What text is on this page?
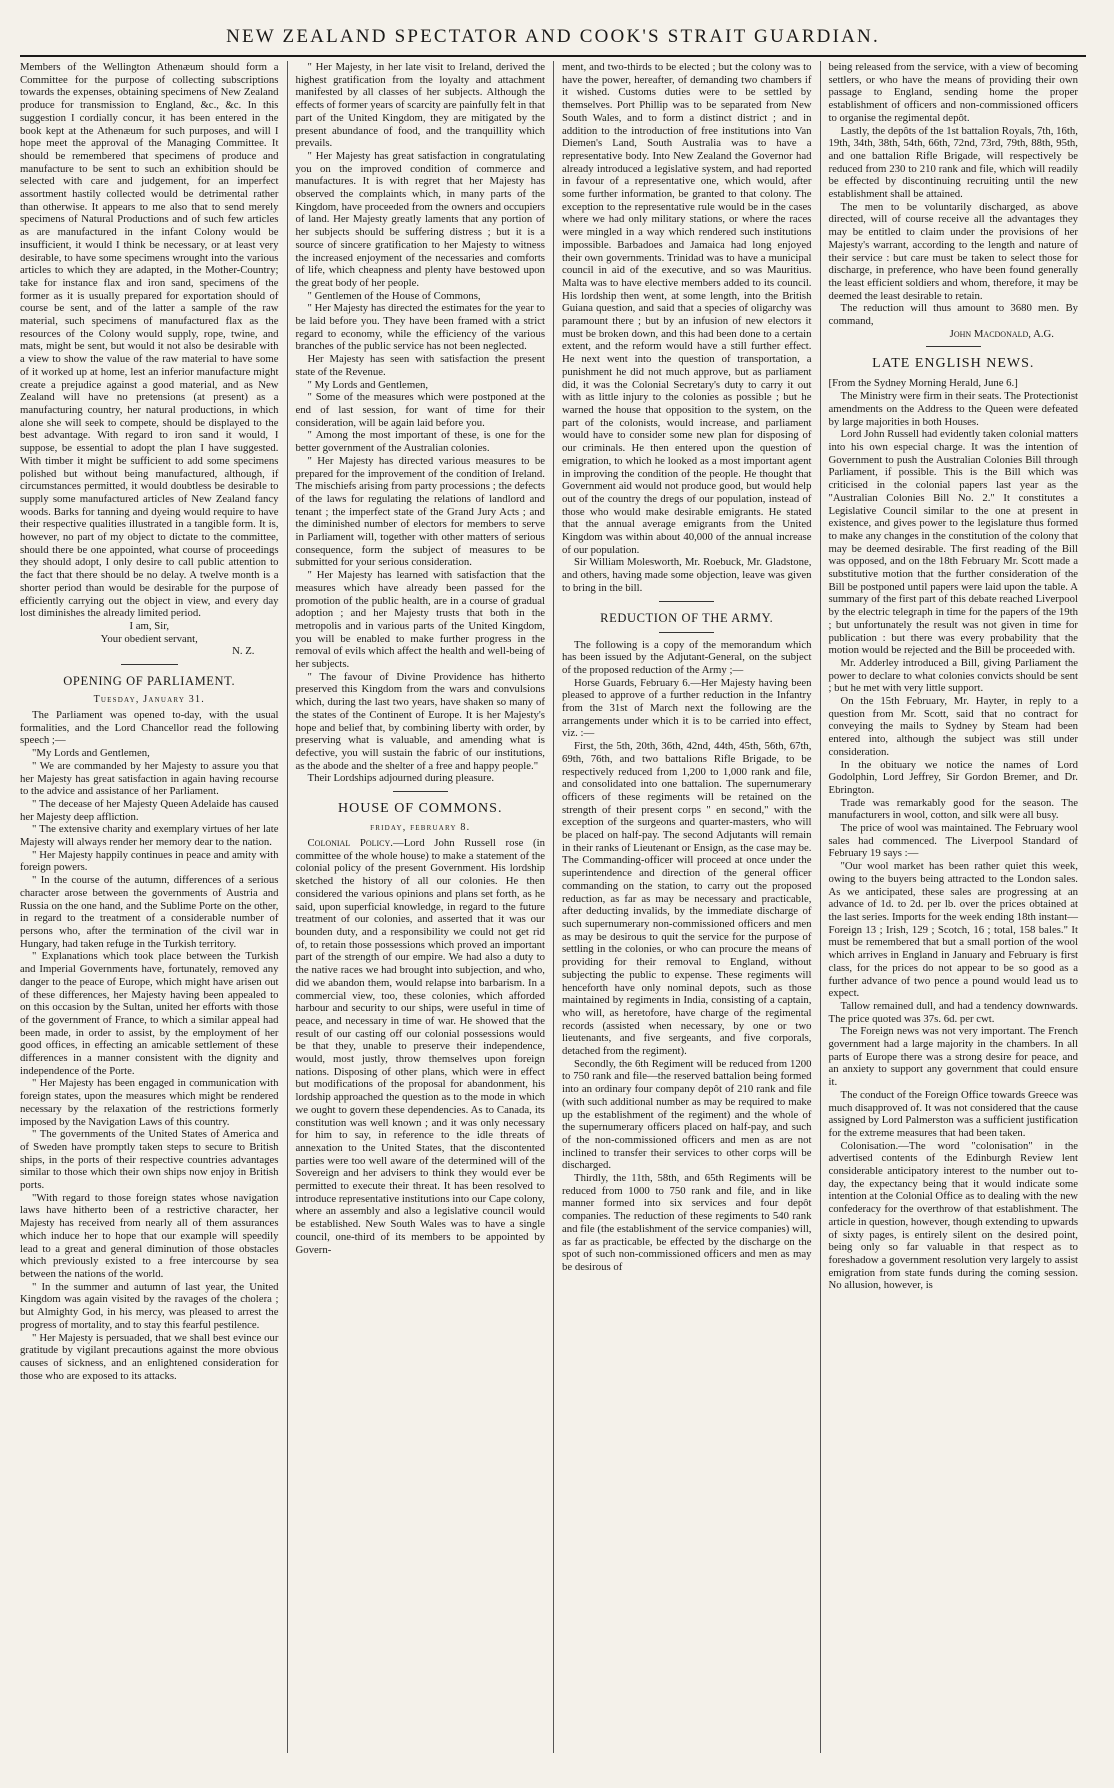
NEW ZEALAND SPECTATOR AND COOK'S STRAIT GUARDIAN.

Members of the Wellington Athenæum should form a Committee for the purpose of collecting subscriptions towards the expenses, obtaining specimens of New Zealand produce for transmission to England, &c., &c. In this suggestion I cordially concur, it has been entered in the book kept at the Athenæum for such purposes, and will I hope meet the approval of the Managing Committee. It should be remembered that specimens of produce and manufacture to be sent to such an exhibition should be selected with care and judgement, for an imperfect assortment hastily collected would be detrimental rather than otherwise. It appears to me also that to send merely specimens of Natural Productions and of such few articles as are manufactured in the infant Colony would be insufficient, it would I think be necessary, or at least very desirable, to have some specimens wrought into the various articles to which they are adapted, in the Mother-Country; take for instance flax and iron sand, specimens of the former as it is usually prepared for exportation should of course be sent, and of the latter a sample of the raw material, such specimens of manufactured flax as the resources of the Colony would supply, rope, twine, and mats, might be sent, but would it not also be desirable with a view to show the value of the raw material to have some of it worked up at home, lest an inferior manufacture might create a prejudice against a good material, and as New Zealand will have no pretensions (at present) as a manufacturing country, her natural productions, in which alone she will seek to compete, should be displayed to the best advantage. With regard to iron sand it would, I suppose, be essential to adopt the plan I have suggested. With timber it might be sufficient to add some specimens polished but without being manufactured, although, if circumstances permitted, it would doubtless be desirable to supply some manufactured articles of New Zealand fancy woods. Barks for tanning and dyeing would require to have their respective qualities illustrated in a tangible form. It is, however, no part of my object to dictate to the committee, should there be one appointed, what course of proceedings they should adopt, I only desire to call public attention to the fact that there should be no delay. A twelve month is a shorter period than would be desirable for the purpose of efficiently carrying out the object in view, and every day lost diminishes the already limited period.

I am, Sir,

Your obedient servant,

N. Z.

OPENING OF PARLIAMENT.
Tuesday, January 31.

The Parliament was opened to-day, with the usual formalities, and the Lord Chancellor read the following speech ;—

"My Lords and Gentlemen,

" We are commanded by her Majesty to assure you that her Majesty has great satisfaction in again having recourse to the advice and assistance of her Parliament.

" The decease of her Majesty Queen Adelaide has caused her Majesty deep affliction.

" The extensive charity and exemplary virtues of her late Majesty will always render her memory dear to the nation.

" Her Majesty happily continues in peace and amity with foreign powers.

" In the course of the autumn, differences of a serious character arose between the governments of Austria and Russia on the one hand, and the Sublime Porte on the other, in regard to the treatment of a considerable number of persons who, after the termination of the civil war in Hungary, had taken refuge in the Turkish territory.

" Explanations which took place between the Turkish and Imperial Governments have, fortunately, removed any danger to the peace of Europe, which might have arisen out of these differences, her Majesty having been appealed to on this occasion by the Sultan, united her efforts with those of the government of France, to which a similar appeal had been made, in order to assist, by the employment of her good offices, in effecting an amicable settlement of these differences in a manner consistent with the dignity and independence of the Porte.

" Her Majesty has been engaged in communication with foreign states, upon the measures which might be rendered necessary by the relaxation of the restrictions formerly imposed by the Navigation Laws of this country.

" The governments of the United States of America and of Sweden have promptly taken steps to secure to British ships, in the ports of their respective countries advantages similar to those which their own ships now enjoy in British ports.

"With regard to those foreign states whose navigation laws have hitherto been of a restrictive character, her Majesty has received from nearly all of them assurances which induce her to hope that our example will speedily lead to a great and general diminution of those obstacles which previously existed to a free intercourse by sea between the nations of the world.

" In the summer and autumn of last year, the United Kingdom was again visited by the ravages of the cholera ; but Almighty God, in his mercy, was pleased to arrest the progress of mortality, and to stay this fearful pestilence.

" Her Majesty is persuaded, that we shall best evince our gratitude by vigilant precautions against the more obvious causes of sickness, and an enlightened consideration for those who are exposed to its attacks.

" Her Majesty, in her late visit to Ireland, derived the highest gratification from the loyalty and attachment manifested by all classes of her subjects. Although the effects of former years of scarcity are painfully felt in that part of the United Kingdom, they are mitigated by the present abundance of food, and the tranquillity which prevails.

" Her Majesty has great satisfaction in congratulating you on the improved condition of commerce and manufactures. It is with regret that her Majesty has observed the complaints which, in many parts of the Kingdom, have proceeded from the owners and occupiers of land. Her Majesty greatly laments that any portion of her subjects should be suffering distress ; but it is a source of sincere gratification to her Majesty to witness the increased enjoyment of the necessaries and comforts of life, which cheapness and plenty have bestowed upon the great body of her people.

" Gentlemen of the House of Commons,

" Her Majesty has directed the estimates for the year to be laid before you. They have been framed with a strict regard to economy, while the efficiency of the various branches of the public service has not been neglected.

Her Majesty has seen with satisfaction the present state of the Revenue.

" My Lords and Gentlemen,

" Some of the measures which were postponed at the end of last session, for want of time for their consideration, will be again laid before you.

" Among the most important of these, is one for the better government of the Australian colonies.

" Her Majesty has directed various measures to be prepared for the improvement of the condition of Ireland. The mischiefs arising from party processions ; the defects of the laws for regulating the relations of landlord and tenant ; the imperfect state of the Grand Jury Acts ; and the diminished number of electors for members to serve in Parliament will, together with other matters of serious consequence, form the subject of measures to be submitted for your serious consideration.

" Her Majesty has learned with satisfaction that the measures which have already been passed for the promotion of the public health, are in a course of gradual adoption ; and her Majesty trusts that both in the metropolis and in various parts of the United Kingdom, you will be enabled to make further progress in the removal of evils which affect the health and well-being of her subjects.

" The favour of Divine Providence has hitherto preserved this Kingdom from the wars and convulsions which, during the last two years, have shaken so many of the states of the Continent of Europe. It is her Majesty's hope and belief that, by combining liberty with order, by preserving what is valuable, and amending what is defective, you will sustain the fabric of our institutions, as the abode and the shelter of a free and happy people."

Their Lordships adjourned during pleasure.

HOUSE OF COMMONS.
friday, february 8.

Colonial Policy.—Lord John Russell rose (in committee of the whole house) to make a statement of the colonial policy of the present Government. His lordship sketched the history of all our colonies. He then considered the various opinions and plans set forth, as he said, upon superficial knowledge, in regard to the future treatment of our colonies, and asserted that it was our bounden duty, and a responsibility we could not get rid of, to retain those possessions which proved an important part of the strength of our empire. We had also a duty to the native races we had brought into subjection, and who, did we abandon them, would relapse into barbarism. In a commercial view, too, these colonies, which afforded harbour and security to our ships, were useful in time of peace, and necessary in time of war. He showed that the result of our casting off our colonial possessions would be that they, unable to preserve their independence, would, most justly, throw themselves upon foreign nations. Disposing of other plans, which were in effect but modifications of the proposal for abandonment, his lordship approached the question as to the mode in which we ought to govern these dependencies. As to Canada, its constitution was well known ; and it was only necessary for him to say, in reference to the idle threats of annexation to the United States, that the discontented parties were too well aware of the determined will of the Sovereign and her advisers to think they would ever be permitted to execute their threat. It has been resolved to introduce representative institutions into our Cape colony, where an assembly and also a legislative council would be established. New South Wales was to have a single council, one-third of its members to be appointed by Govern-

ment, and two-thirds to be elected ; but the colony was to have the power, hereafter, of demanding two chambers if it wished. Customs duties were to be settled by themselves. Port Phillip was to be separated from New South Wales, and to form a distinct district ; and in addition to the introduction of free institutions into Van Diemen's Land, South Australia was to have a representative body. Into New Zealand the Governor had already introduced a legislative system, and had reported in favour of a representative one, which would, after some further information, be granted to that colony. The exception to the representative rule would be in the cases where we had only military stations, or where the races were mingled in a way which rendered such institutions impossible. Barbadoes and Jamaica had long enjoyed their own governments. Trinidad was to have a municipal council in aid of the executive, and so was Mauritius. Malta was to have elective members added to its council. His lordship then went, at some length, into the British Guiana question, and said that a species of oligarchy was paramount there ; but by an infusion of new electors it must be broken down, and this had been done to a certain extent, and the reform would have a still further effect. He next went into the question of transportation, a punishment he did not much approve, but as parliament did, it was the Colonial Secretary's duty to carry it out with as little injury to the colonies as possible ; but he warned the house that opposition to the system, on the part of the colonists, would increase, and parliament would have to consider some new plan for disposing of our criminals. He then entered upon the question of emigration, to which he looked as a most important agent in improving the condition of the people. He thought that Government aid would not produce good, but would help out of the country the dregs of our population, instead of those who would make desirable emigrants. He stated that the annual average emigrants from the United Kingdom was within about 40,000 of the annual increase of our population.

Sir William Molesworth, Mr. Roebuck, Mr. Gladstone, and others, having made some objection, leave was given to bring in the bill.

REDUCTION OF THE ARMY.

The following is a copy of the memorandum which has been issued by the Adjutant-General, on the subject of the proposed reduction of the Army ;—

Horse Guards, February 6.—Her Majesty having been pleased to approve of a further reduction in the Infantry from the 31st of March next the following are the arrangements under which it is to be carried into effect, viz. :—

First, the 5th, 20th, 36th, 42nd, 44th, 45th, 56th, 67th, 69th, 76th, and two battalions Rifle Brigade, to be respectively reduced from 1,200 to 1,000 rank and file, and consolidated into one battalion. The supernumerary officers of these regiments will be retained on the strength of their present corps " en second," with the exception of the surgeons and quarter-masters, who will be placed on half-pay. The second Adjutants will remain in their ranks of Lieutenant or Ensign, as the case may be. The Commanding-officer will proceed at once under the superintendence and direction of the general officer commanding on the station, to carry out the proposed reduction, as far as may be necessary and practicable, after deducting invalids, by the immediate discharge of such supernumerary non-commissioned officers and men as may be desirous to quit the service for the purpose of settling in the colonies, or who can procure the means of providing for their removal to England, without subjecting the public to expense. These regiments will henceforth have only nominal depots, such as those maintained by regiments in India, consisting of a captain, who will, as heretofore, have charge of the regimental records (assisted when necessary, by one or two lieutenants, and five sergeants, and five corporals, detached from the regiment).

Secondly, the 6th Regiment will be reduced from 1200 to 750 rank and file—the reserved battalion being formed into an ordinary four company depôt of 210 rank and file (with such additional number as may be required to make up the establishment of the regiment) and the whole of the supernumerary officers placed on half-pay, and such of the non-commissioned officers and men as are not inclined to transfer their services to other corps will be discharged.

Thirdly, the 11th, 58th, and 65th Regiments will be reduced from 1000 to 750 rank and file, and in like manner formed into six services and four depôt companies. The reduction of these regiments to 540 rank and file (the establishment of the service companies) will, as far as practicable, be effected by the discharge on the spot of such non-commissioned officers and men as may be desirous of

being released from the service, with a view of becoming settlers, or who have the means of providing their own passage to England, sending home the proper establishment of officers and non-commissioned officers to organise the regimental depôt.

Lastly, the depôts of the 1st battalion Royals, 7th, 16th, 19th, 34th, 38th, 54th, 66th, 72nd, 73rd, 79th, 88th, 95th, and one battalion Rifle Brigade, will respectively be reduced from 230 to 210 rank and file, which will readily be effected by discontinuing recruiting until the new establishment shall be attained.

The men to be voluntarily discharged, as above directed, will of course receive all the advantages they may be entitled to claim under the provisions of her Majesty's warrant, according to the length and nature of their service : but care must be taken to select those for discharge, in preference, who have been found generally the least efficient soldiers and whom, therefore, it may be deemed the least desirable to retain.

The reduction will thus amount to 3680 men. By command,

John Macdonald, A.G.

LATE ENGLISH NEWS.

[From the Sydney Morning Herald, June 6.]

The Ministry were firm in their seats. The Protectionist amendments on the Address to the Queen were defeated by large majorities in both Houses.

Lord John Russell had evidently taken colonial matters into his own especial charge. It was the intention of Government to push the Australian Colonies Bill through Parliament, if possible. This is the Bill which was criticised in the colonial papers last year as the "Australian Colonies Bill No. 2." It constitutes a Legislative Council similar to the one at present in existence, and gives power to the legislature thus formed to make any changes in the constitution of the colony that may be deemed desirable. The first reading of the Bill was opposed, and on the 18th February Mr. Scott made a substitutive motion that the further consideration of the Bill be postponed until papers were laid upon the table. A summary of the first part of this debate reached Liverpool by the electric telegraph in time for the papers of the 19th ; but unfortunately the result was not given in time for publication : but there was every probability that the motion would be rejected and the Bill be proceeded with.

Mr. Adderley introduced a Bill, giving Parliament the power to declare to what colonies convicts should be sent ; but he met with very little support.

On the 15th February, Mr. Hayter, in reply to a question from Mr. Scott, said that no contract for conveying the mails to Sydney by Steam had been entered into, although the subject was still under consideration.

In the obituary we notice the names of Lord Godolphin, Lord Jeffrey, Sir Gordon Bremer, and Dr. Ebrington.

Trade was remarkably good for the season. The manufacturers in wool, cotton, and silk were all busy.

The price of wool was maintained. The February wool sales had commenced. The Liverpool Standard of February 19 says :—

"Our wool market has been rather quiet this week, owing to the buyers being attracted to the London sales. As we anticipated, these sales are progressing at an advance of 1d. to 2d. per lb. over the prices obtained at the last series. Imports for the week ending 18th instant—Foreign 13 ; Irish, 129 ; Scotch, 16 ; total, 158 bales." It must be remembered that but a small portion of the wool which arrives in England in January and February is first class, for the prices do not appear to be so good as a further advance of two pence a pound would lead us to expect.

Tallow remained dull, and had a tendency downwards. The price quoted was 37s. 6d. per cwt.

The Foreign news was not very important. The French government had a large majority in the chambers. In all parts of Europe there was a strong desire for peace, and an anxiety to support any government that could ensure it.

The conduct of the Foreign Office towards Greece was much disapproved of. It was not considered that the cause assigned by Lord Palmerston was a sufficient justification for the extreme measures that had been taken.

Colonisation.—The word "colonisation" in the advertised contents of the Edinburgh Review lent considerable anticipatory interest to the number out to-day, the expectancy being that it would indicate some intention at the Colonial Office as to dealing with the new confederacy for the overthrow of that establishment. The article in question, however, though extending to upwards of sixty pages, is entirely silent on the desired point, being only so far valuable in that respect as to foreshadow a government resolution very largely to assist emigration from state funds during the coming session. No allusion, however, is
